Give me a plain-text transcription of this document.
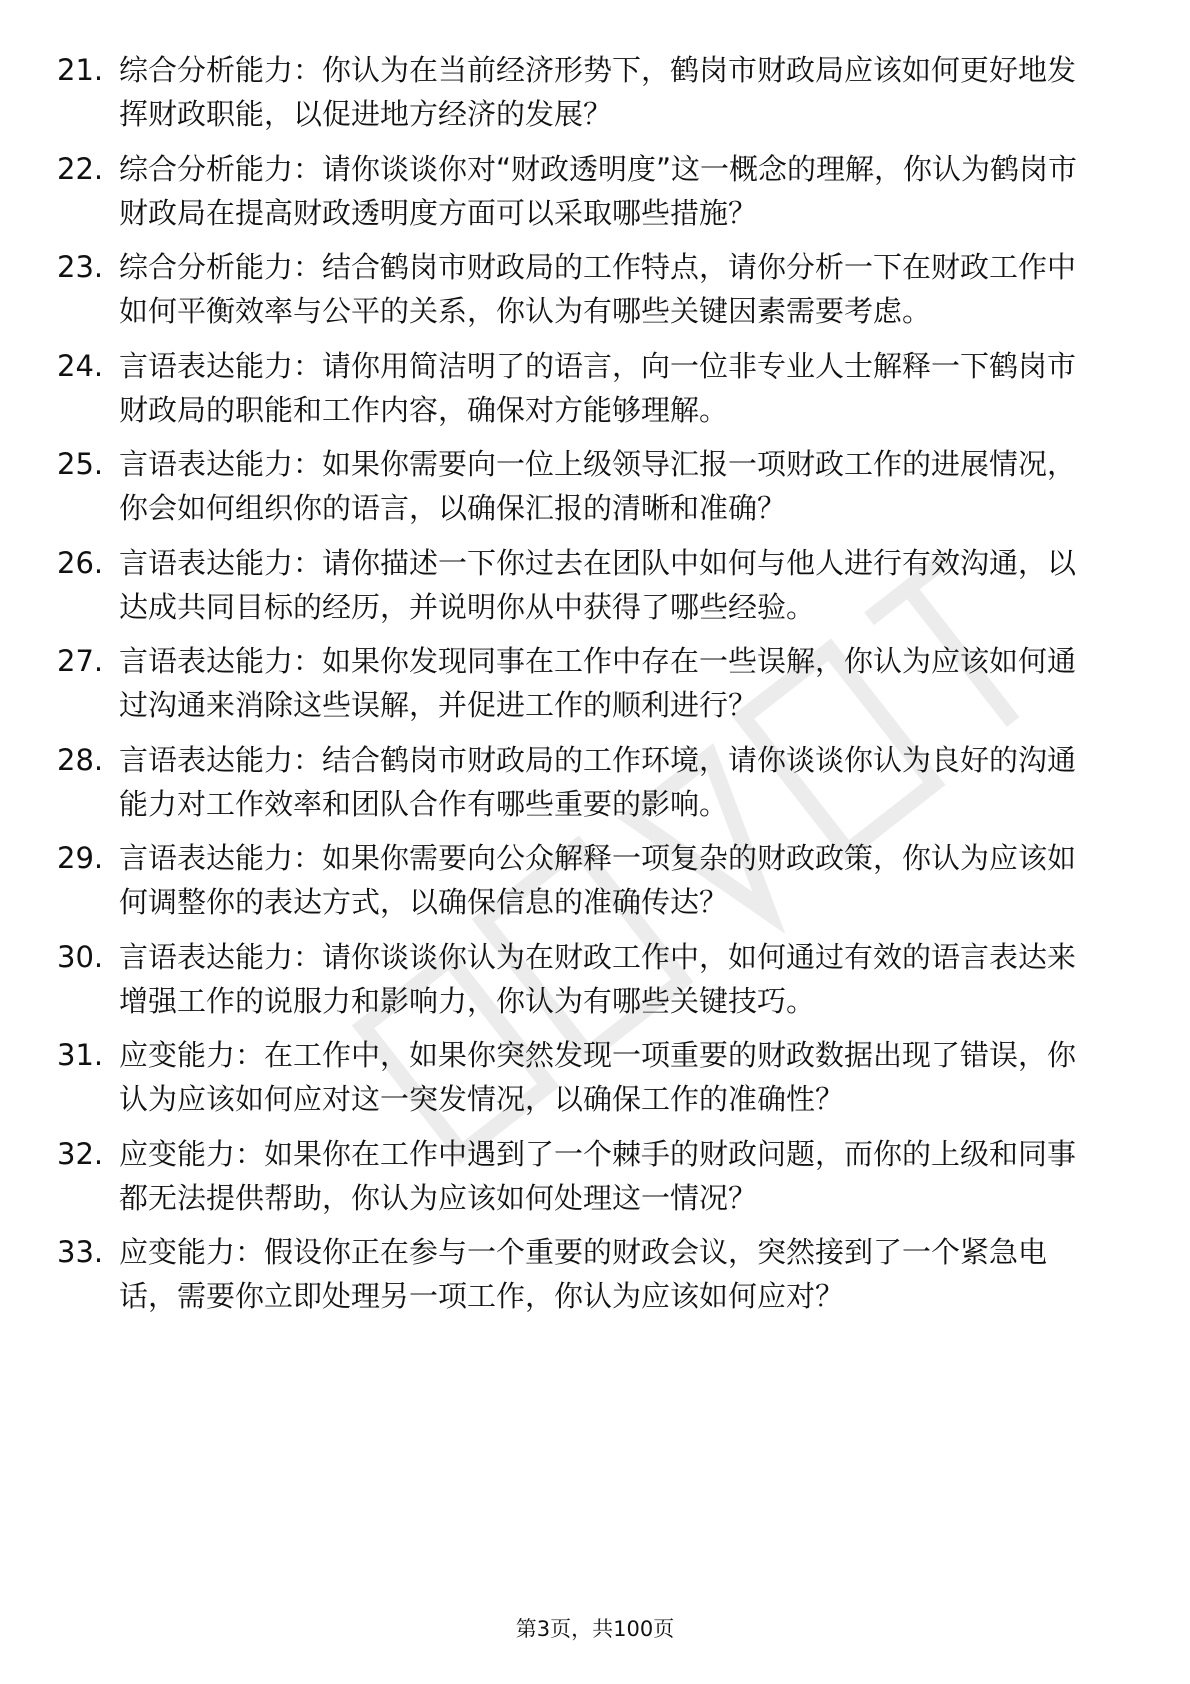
21. 综合分析能力：你认为在当前经济形势下，鹤岗市财政局应该如何更好地发挥财政职能，以促进地方经济的发展？
22. 综合分析能力：请你谈谈你对“财政透明度”这一概念的理解，你认为鹤岗市财政局在提高财政透明度方面可以采取哪些措施？
23. 综合分析能力：结合鹤岗市财政局的工作特点，请你分析一下在财政工作中如何平衡效率与公平的关系，你认为有哪些关键因素需要考虑。
24. 言语表达能力：请你用简洁明了的语言，向一位非专业人士解释一下鹤岗市财政局的职能和工作内容，确保对方能够理解。
25. 言语表达能力：如果你需要向一位上级领导汇报一项财政工作的进展情况，你会如何组织你的语言，以确保汇报的清晰和准确？
26. 言语表达能力：请你描述一下你过去在团队中如何与他人进行有效沟通，以达成共同目标的经历，并说明你从中获得了哪些经验。
27. 言语表达能力：如果你发现同事在工作中存在一些误解，你认为应该如何通过沟通来消除这些误解，并促进工作的顺利进行？
28. 言语表达能力：结合鹤岗市财政局的工作环境，请你谈谈你认为良好的沟通能力对工作效率和团队合作有哪些重要的影响。
29. 言语表达能力：如果你需要向公众解释一项复杂的财政政策，你认为应该如何调整你的表达方式，以确保信息的准确传达？
30. 言语表达能力：请你谈谈你认为在财政工作中，如何通过有效的语言表达来增强工作的说服力和影响力，你认为有哪些关键技巧。
31. 应变能力：在工作中，如果你突然发现一项重要的财政数据出现了错误，你认为应该如何应对这一突发情况，以确保工作的准确性？
32. 应变能力：如果你在工作中遇到了一个棘手的财政问题，而你的上级和同事都无法提供帮助，你认为应该如何处理这一情况？
33. 应变能力：假设你正在参与一个重要的财政会议，突然接到了一个紧急电话，需要你立即处理另一项工作，你认为应该如何应对？
第3页，共100页
